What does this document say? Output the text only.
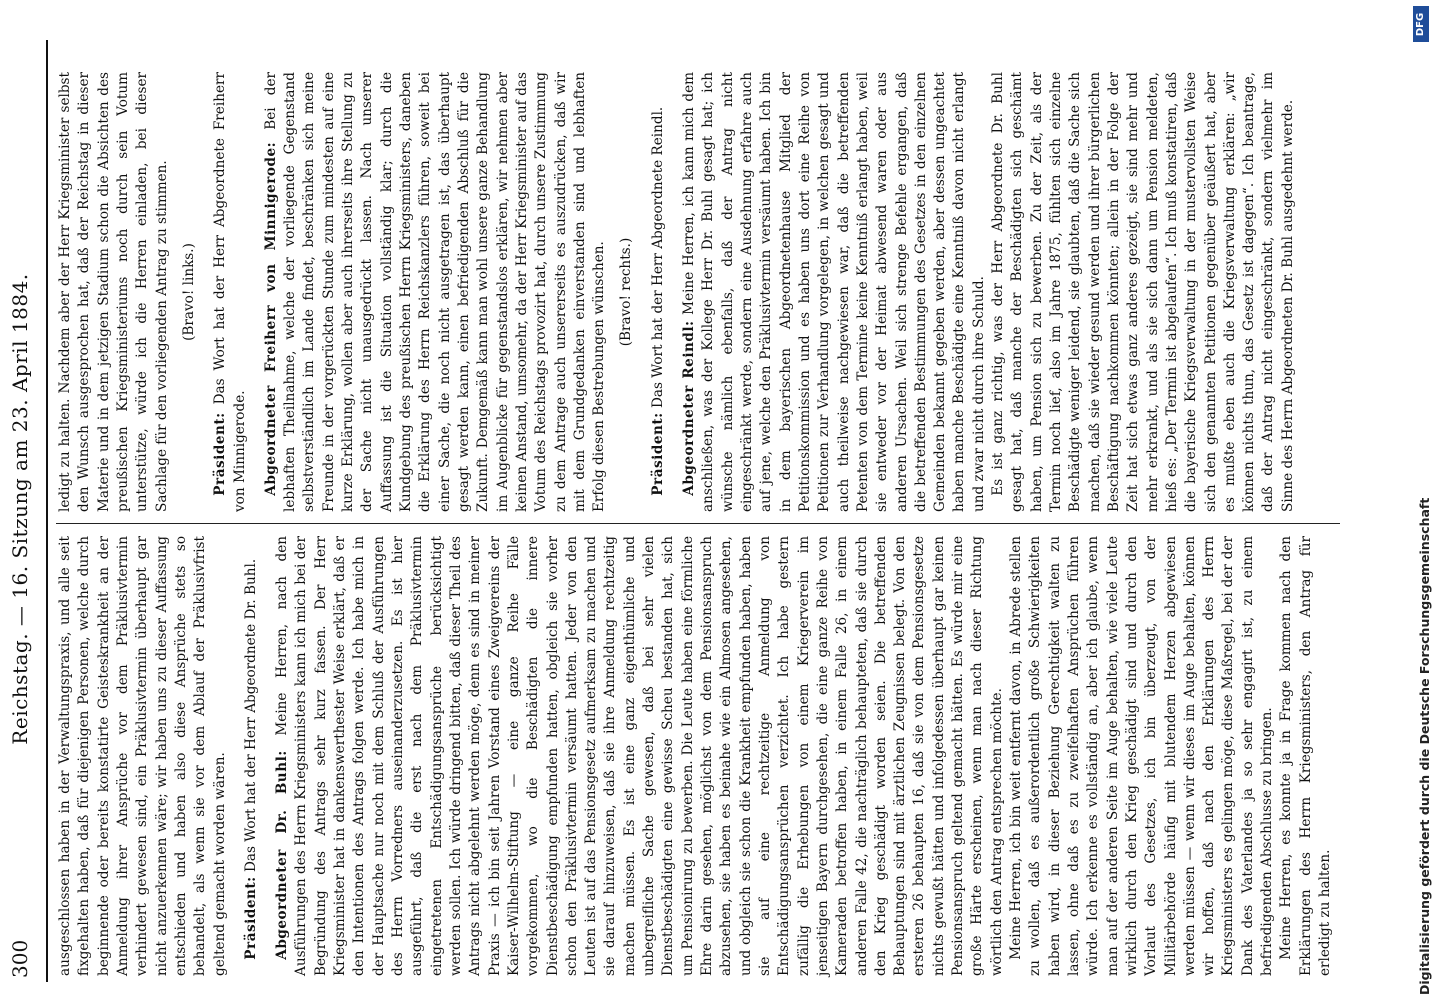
300
Reichstag. — 16. Sitzung am 23. April 1884.

ausgeschlossen haben in der Verwaltungspraxis, und alle seit fixgehalten haben, daß für diejenigen Personen, welche durch beginnende oder bereits konstatirte Geisteskrankheit an der Anmeldung ihrer Ansprüche vor dem Präklusivtermin verhindert gewesen sind, ein Präklusivtermin überhaupt gar nicht anzuerkennen wäre; wir haben uns zu dieser Auffassung entschieden und haben also diese Ansprüche stets so behandelt, als wenn sie vor dem Ablauf der Präklusivfrist geltend gemacht worden wären. Präsident: Das Wort hat der Herr Abgeordnete Dr. Buhl. Abgeordneter Dr. Buhl: Meine Herren, nach den Ausführungen des Herrn Kriegsministers kann ich mich bei der Begründung des Antrags sehr kurz fassen. Der Herr Kriegsminister hat in dankenswerthester Weise erklärt, daß er den Intentionen des Antrags folgen werde. Ich habe mich in der Hauptsache nur noch mit dem Schluß der Ausführungen des Herrn Vorredners auseinanderzusetzen. Es ist hier ausgeführt, daß die erst nach dem Präklusivtermin eingetretenen Entschädigungsansprüche berücksichtigt werden sollen. Ich würde dringend bitten, daß dieser Theil des Antrags nicht abgelehnt werden möge, denn es sind in meiner Praxis — ich bin seit Jahren Vorstand eines Zweigvereins der Kaiser-Wilhelm-Stiftung — eine ganze Reihe Fälle vorgekommen, wo die Beschädigten die innere Dienstbeschädigung empfunden hatten, obgleich sie vorher schon den Präklusivtermin versäumt hatten. Jeder von den Leuten ist auf das Pensionsgesetz aufmerksam zu machen und sie darauf hinzuweisen, daß sie ihre Anmeldung rechtzeitig machen müssen. Es ist eine ganz eigenthümliche und unbegreifliche Sache gewesen, daß bei sehr vielen Dienstbeschädigten eine gewisse Scheu bestanden hat, sich um Pensionirung zu bewerben. Die Leute haben eine förmliche Ehre darin gesehen, möglichst von dem Pensionsanspruch abzusehen, sie haben es beinahe wie ein Almosen angesehen, und obgleich sie schon die Krankheit empfunden haben, haben sie auf eine rechtzeitige Anmeldung von Entschädigungsansprüchen verzichtet. Ich habe gestern zufällig die Erhebungen von einem Kriegerverein im jenseitigen Bayern durchgesehen, die eine ganze Reihe von Kameraden betroffen haben, in einem Falle 26, in einem anderen Falle 42, die nachträglich behaupteten, daß sie durch den Krieg geschädigt worden seien. Die betreffenden Behauptungen sind mit ärztlichen Zeugnissen belegt. Von den ersteren 26 behaupten 16, daß sie von dem Pensionsgesetze nichts gewußt hätten und infolgedessen überhaupt gar keinen Pensionsanspruch geltend gemacht hätten. Es würde mir eine große Härte erscheinen, wenn man nach dieser Richtung wörtlich den Antrag entsprechen möchte. Meine Herren, ich bin weit entfernt davon, in Abrede stellen zu wollen, daß es außerordentlich große Schwierigkeiten haben wird, in dieser Beziehung Gerechtigkeit walten zu lassen, ohne daß es zu zweifelhaften Ansprüchen führen würde. Ich erkenne es vollständig an, aber ich glaube, wenn man auf der anderen Seite im Auge behalten, wie viele Leute wirklich durch den Krieg geschädigt sind und durch den Vorlaut des Gesetzes, ich bin überzeugt, von der Militärbehörde häufig mit blutendem Herzen abgewiesen werden müssen — wenn wir dieses im Auge behalten, können wir hoffen, daß nach den Erklärungen des Herrn Kriegsministers es gelingen möge, diese Maßregel, bei der der Dank des Vaterlandes ja so sehr engagirt ist, zu einem befriedigenden Abschlusse zu bringen. Meine Herren, es konnte ja in Frage kommen nach den Erklärungen des Herrn Kriegsministers, den Antrag für erledigt zu halten.

ledigt zu halten. Nachdem aber der Herr Kriegsminister selbst den Wunsch ausgesprochen hat, daß der Reichstag in dieser Materie und in dem jetzigen Stadium schon die Absichten des preußischen Kriegsministeriums noch durch sein Votum unterstütze, würde ich die Herren einladen, bei dieser Sachlage für den vorliegenden Antrag zu stimmen. (Bravo! links.)

Präsident: Das Wort hat der Herr Abgeordnete Freiherr von Minnigerode. Abgeordneter Freiherr von Minnigerode: Bei der lebhaften Theilnahme, welche der vorliegende Gegenstand selbstverständlich im Lande findet, beschränken sich meine Freunde in der vorgerückten Stunde zum mindesten auf eine kurze Erklärung, wollen aber auch ihrerseits ihre Stellung zu der Sache nicht unausgedrückt lassen. Nach unserer Auffassung ist die Situation vollständig klar; durch die Kundgebung des preußischen Herrn Kriegsministers, daneben die Erklärung des Herrn Reichskanzlers führen, soweit bei einer Sache, die noch nicht ausgetragen ist, das überhaupt gesagt werden kann, einen befriedigenden Abschluß für die Zukunft. Demgemäß kann man wohl unsere ganze Behandlung im Augenblicke für gegenstandslos erklären, wir nehmen aber keinen Anstand, umsomehr, da der Herr Kriegsminister auf das Votum des Reichstags provozirt hat, durch unsere Zustimmung zu dem Antrage auch unsererseits es auszudrücken, daß wir mit dem Grundgedanken einverstanden sind und lebhaften Erfolg diesen Bestrebungen wünschen. (Bravo! rechts.)

Präsident: Das Wort hat der Herr Abgeordnete Reindl.

Abgeordneter Reindl: Meine Herren, ich kann mich dem anschließen, was der Kollege Herr Dr. Buhl gesagt hat; ich wünsche nämlich ebenfalls, daß der Antrag nicht eingeschränkt werde, sondern eine Ausdehnung erfahre auch auf jene, welche den Präklusivtermin versäumt haben. Ich bin in dem bayerischen Abgeordnetenhause Mitglied der Petitionskommission und es haben uns dort eine Reihe von Petitionen zur Verhandlung vorgelegen, in welchen gesagt und auch theilweise nachgewiesen war, daß die betreffenden Petenten von dem Termine keine Kenntniß erlangt haben, weil sie entweder vor der Heimat abwesend waren oder aus anderen Ursachen. Weil sich strenge Befehle ergangen, daß die betreffenden Bestimmungen des Gesetzes in den einzelnen Gemeinden bekannt gegeben werden, aber dessen ungeachtet haben manche Beschädigte eine Kenntniß davon nicht erlangt und zwar nicht durch ihre Schuld. Es ist ganz richtig, was der Herr Abgeordnete Dr. Buhl gesagt hat, daß manche der Beschädigten sich geschämt haben, um Pension sich zu bewerben. Zu der Zeit, als der Termin noch lief, also im Jahre 1875, fühlten sich einzelne Beschädigte weniger leidend, sie glaubten, daß die Sache sich machen, daß sie wieder gesund werden und ihrer bürgerlichen Beschäftigung nachkommen könnten; allein in der Folge der Zeit hat sich etwas ganz anderes gezeigt, sie sind mehr und mehr erkrankt, und als sie sich dann um Pension meldeten, hieß es: „Der Termin ist abgelaufen“. Ich muß konstatiren, daß die bayerische Kriegsverwaltung in der mustervollsten Weise sich den genannten Petitionen gegenüber geäußert hat, aber es mußte eben auch die Kriegsverwaltung erklären: „wir können nichts thun, das Gesetz ist dagegen“. Ich beantrage, daß der Antrag nicht eingeschränkt, sondern vielmehr im Sinne des Herrn Abgeordneten Dr. Buhl ausgedehnt werde.

Digitalisierung gefördert durch die Deutsche Forschungsgemeinschaft
DFG
